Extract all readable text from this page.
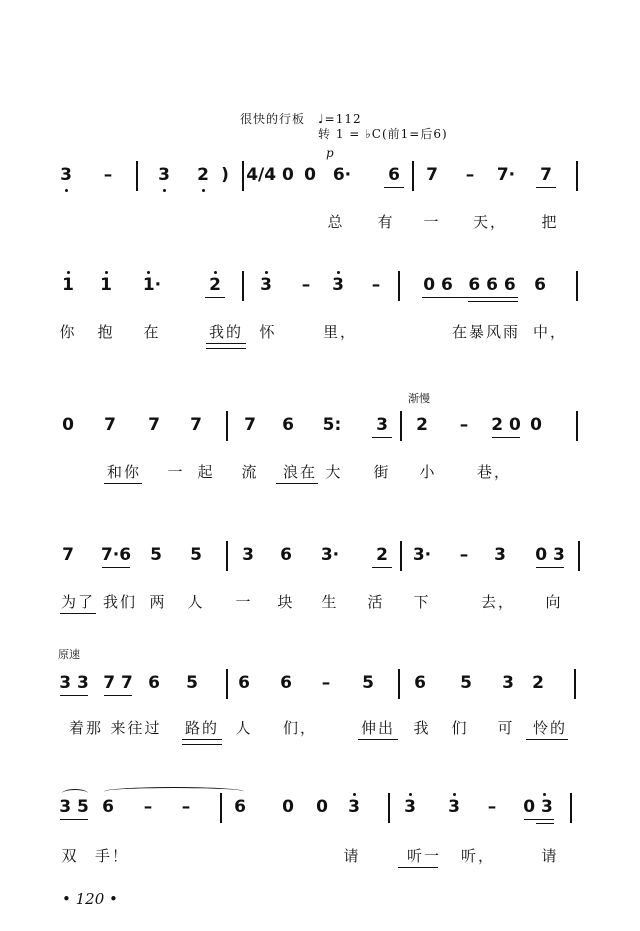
很快的行板　♩=112
转 1 = ♭C(前1=后6)
p
3 –	3 2 ) 4/4 0 0 6· 6 7 – 7· 7
总 有 一 天， 把
1 1 1·	2 3 – 3 –	0 6 6 6 6 6
你 抱 在	我的 怀	里，	在暴风雨 中，
渐慢
0 7 7 7 7 6 5: 3 2 – 2 0 0
和你 一 起 流 浪在 大 街 小	巷，
7 7·6 5 5 3 6 3· 2 3· – 3 0 3
为了 我们 两 人 一 块 生 活 下	去， 向
原速
3 3 7 7 6 5 6 6 – 5 6 5 3 2
着那 来往过 路的 人 们，	伸出 我 们 可 怜的
3 5 6 – –	6 0 0 3	3 3 – 0 3
双 手！	请	听一 听，	请
• 120 •
